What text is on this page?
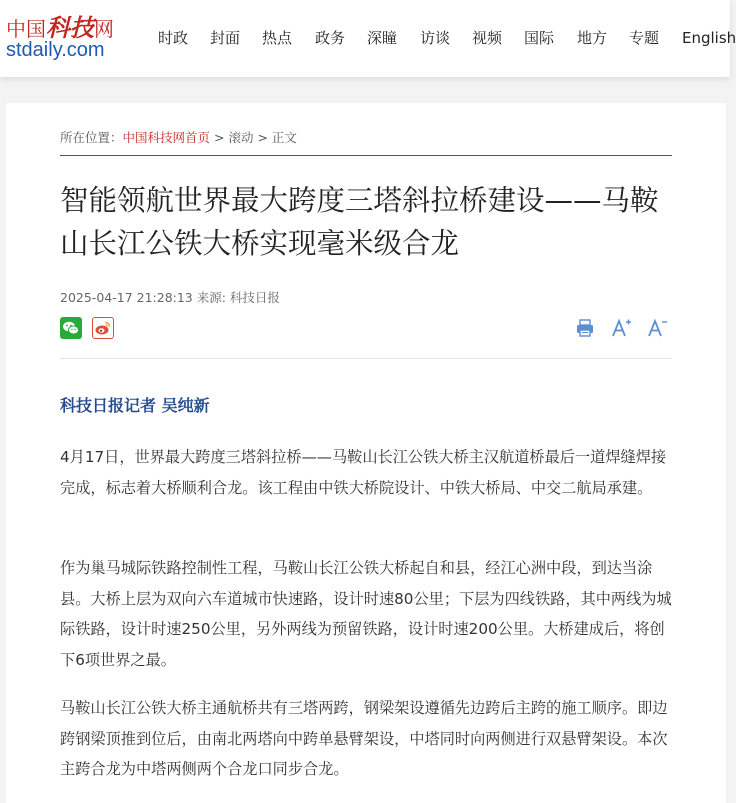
中国科技网
stdaily.com
时政 封面 热点 政务 深瞳 访谈 视频 国际 地方 专题 English
所在位置：中国科技网首页 > 滚动 > 正文
智能领航世界最大跨度三塔斜拉桥建设——马鞍山长江公铁大桥实现毫米级合龙
2025-04-17 21:28:13 来源: 科技日报
科技日报记者 吴纯新

4月17日，世界最大跨度三塔斜拉桥——马鞍山长江公铁大桥主汉航道桥最后一道焊缝焊接完成，标志着大桥顺利合龙。该工程由中铁大桥院设计、中铁大桥局、中交二航局承建。

作为巢马城际铁路控制性工程，马鞍山长江公铁大桥起自和县，经江心洲中段，到达当涂县。大桥上层为双向六车道城市快速路，设计时速80公里；下层为四线铁路，其中两线为城际铁路，设计时速250公里，另外两线为预留铁路，设计时速200公里。大桥建成后，将创下6项世界之最。

马鞍山长江公铁大桥主通航桥共有三塔两跨，钢梁架设遵循先边跨后主跨的施工顺序。即边跨钢梁顶推到位后，由南北两塔向中跨单悬臂架设，中塔同时向两侧进行双悬臂架设。本次主跨合龙为中塔两侧两个合龙口同步合龙。
